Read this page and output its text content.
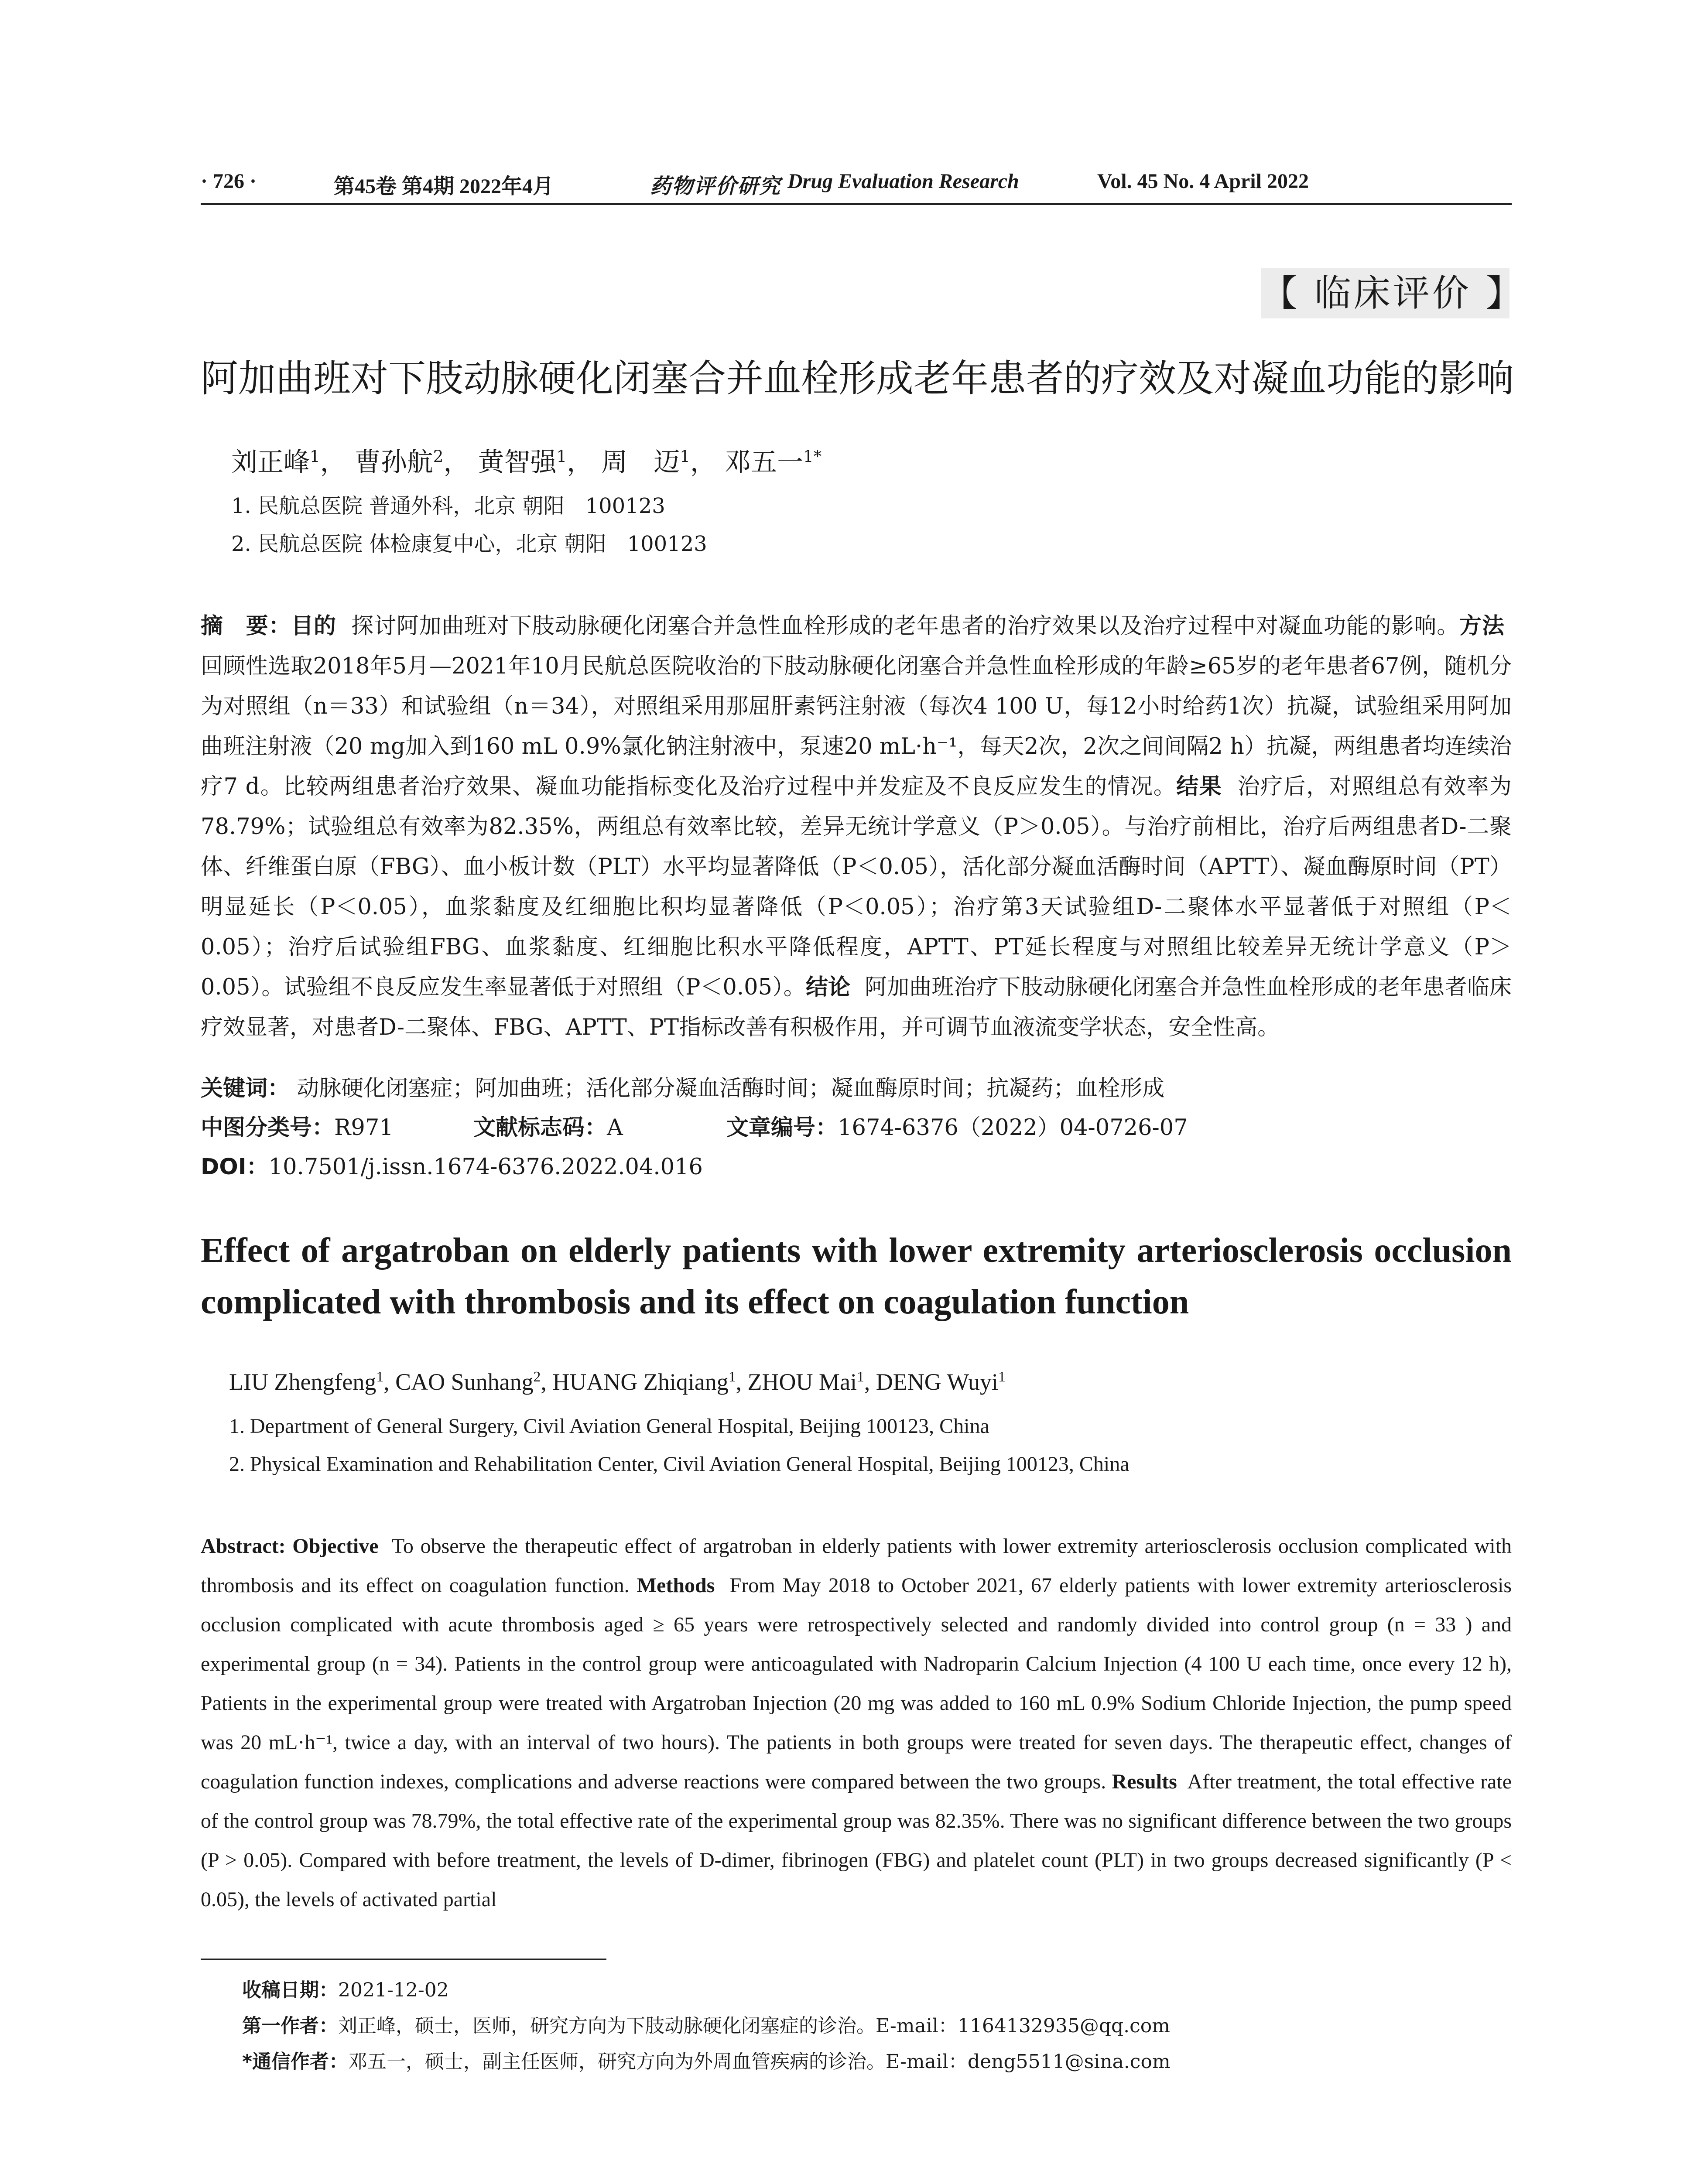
· 726 ·	第45卷 第4期 2022年4月	药物评价研究 Drug Evaluation Research	Vol. 45 No. 4 April 2022
【 临床评价 】
阿加曲班对下肢动脉硬化闭塞合并血栓形成老年患者的疗效及对凝血功能的影响
刘正峰$^1$， 曹孙航$^2$， 黄智强$^1$， 周　迈$^1$， 邓五一$^{1*}$
1. 民航总医院 普通外科，北京 朝阳　100123
2. 民航总医院 体检康复中心，北京 朝阳　100123
摘　要：目的 探讨阿加曲班对下肢动脉硬化闭塞合并急性血栓形成的老年患者的治疗效果以及治疗过程中对凝血功能的影响。方法  回顾性选取2018年5月—2021年10月民航总医院收治的下肢动脉硬化闭塞合并急性血栓形成的年龄≥65岁的老年患者67例，随机分为对照组（n＝33）和试验组（n＝34），对照组采用那屈肝素钙注射液（每次4 100 U，每12小时给药1次）抗凝，试验组采用阿加曲班注射液（20 mg加入到160 mL 0.9%氯化钠注射液中，泵速20 mL·h⁻¹，每天2次，2次之间间隔2 h）抗凝，两组患者均连续治疗7 d。比较两组患者治疗效果、凝血功能指标变化及治疗过程中并发症及不良反应发生的情况。结果 治疗后，对照组总有效率为78.79%；试验组总有效率为82.35%，两组总有效率比较，差异无统计学意义（P＞0.05）。与治疗前相比，治疗后两组患者D-二聚体、纤维蛋白原（FBG）、血小板计数（PLT）水平均显著降低（P＜0.05），活化部分凝血活酶时间（APTT）、凝血酶原时间（PT）明显延长（P＜0.05），血浆黏度及红细胞比积均显著降低（P＜0.05）；治疗第3天试验组D-二聚体水平显著低于对照组（P＜0.05）；治疗后试验组FBG、血浆黏度、红细胞比积水平降低程度，APTT、PT延长程度与对照组比较差异无统计学意义（P＞0.05）。试验组不良反应发生率显著低于对照组（P＜0.05）。结论 阿加曲班治疗下肢动脉硬化闭塞合并急性血栓形成的老年患者临床疗效显著，对患者D-二聚体、FBG、APTT、PT指标改善有积极作用，并可调节血液流变学状态，安全性高。
关键词： 动脉硬化闭塞症；阿加曲班；活化部分凝血活酶时间；凝血酶原时间；抗凝药；血栓形成
中图分类号：R971	文献标志码：A	文章编号：1674-6376（2022）04-0726-07
DOI：10.7501/j.issn.1674-6376.2022.04.016
Effect of argatroban on elderly patients with lower extremity arteriosclerosis occlusion complicated with thrombosis and its effect on coagulation function
LIU Zhengfeng$^1$, CAO Sunhang$^2$, HUANG Zhiqiang$^1$, ZHOU Mai$^1$, DENG Wuyi$^1$
1. Department of General Surgery, Civil Aviation General Hospital, Beijing 100123, China
2. Physical Examination and Rehabilitation Center, Civil Aviation General Hospital, Beijing 100123, China
Abstract: Objective To observe the therapeutic effect of argatroban in elderly patients with lower extremity arteriosclerosis occlusion complicated with thrombosis and its effect on coagulation function. Methods From May 2018 to October 2021, 67 elderly patients with lower extremity arteriosclerosis occlusion complicated with acute thrombosis aged ≥ 65 years were retrospectively selected and randomly divided into control group (n = 33 ) and experimental group (n = 34). Patients in the control group were anticoagulated with Nadroparin Calcium Injection (4 100 U each time, once every 12 h), Patients in the experimental group were treated with Argatroban Injection (20 mg was added to 160 mL 0.9% Sodium Chloride Injection, the pump speed was 20 mL·h⁻¹, twice a day, with an interval of two hours). The patients in both groups were treated for seven days. The therapeutic effect, changes of coagulation function indexes, complications and adverse reactions were compared between the two groups. Results After treatment, the total effective rate of the control group was 78.79%, the total effective rate of the experimental group was 82.35%. There was no significant difference between the two groups (P > 0.05). Compared with before treatment, the levels of D-dimer, fibrinogen (FBG) and platelet count (PLT) in two groups decreased significantly (P < 0.05), the levels of activated partial
收稿日期：2021-12-02
第一作者：刘正峰，硕士，医师，研究方向为下肢动脉硬化闭塞症的诊治。E-mail：1164132935@qq.com
*通信作者：邓五一，硕士，副主任医师，研究方向为外周血管疾病的诊治。E-mail：deng5511@sina.com
